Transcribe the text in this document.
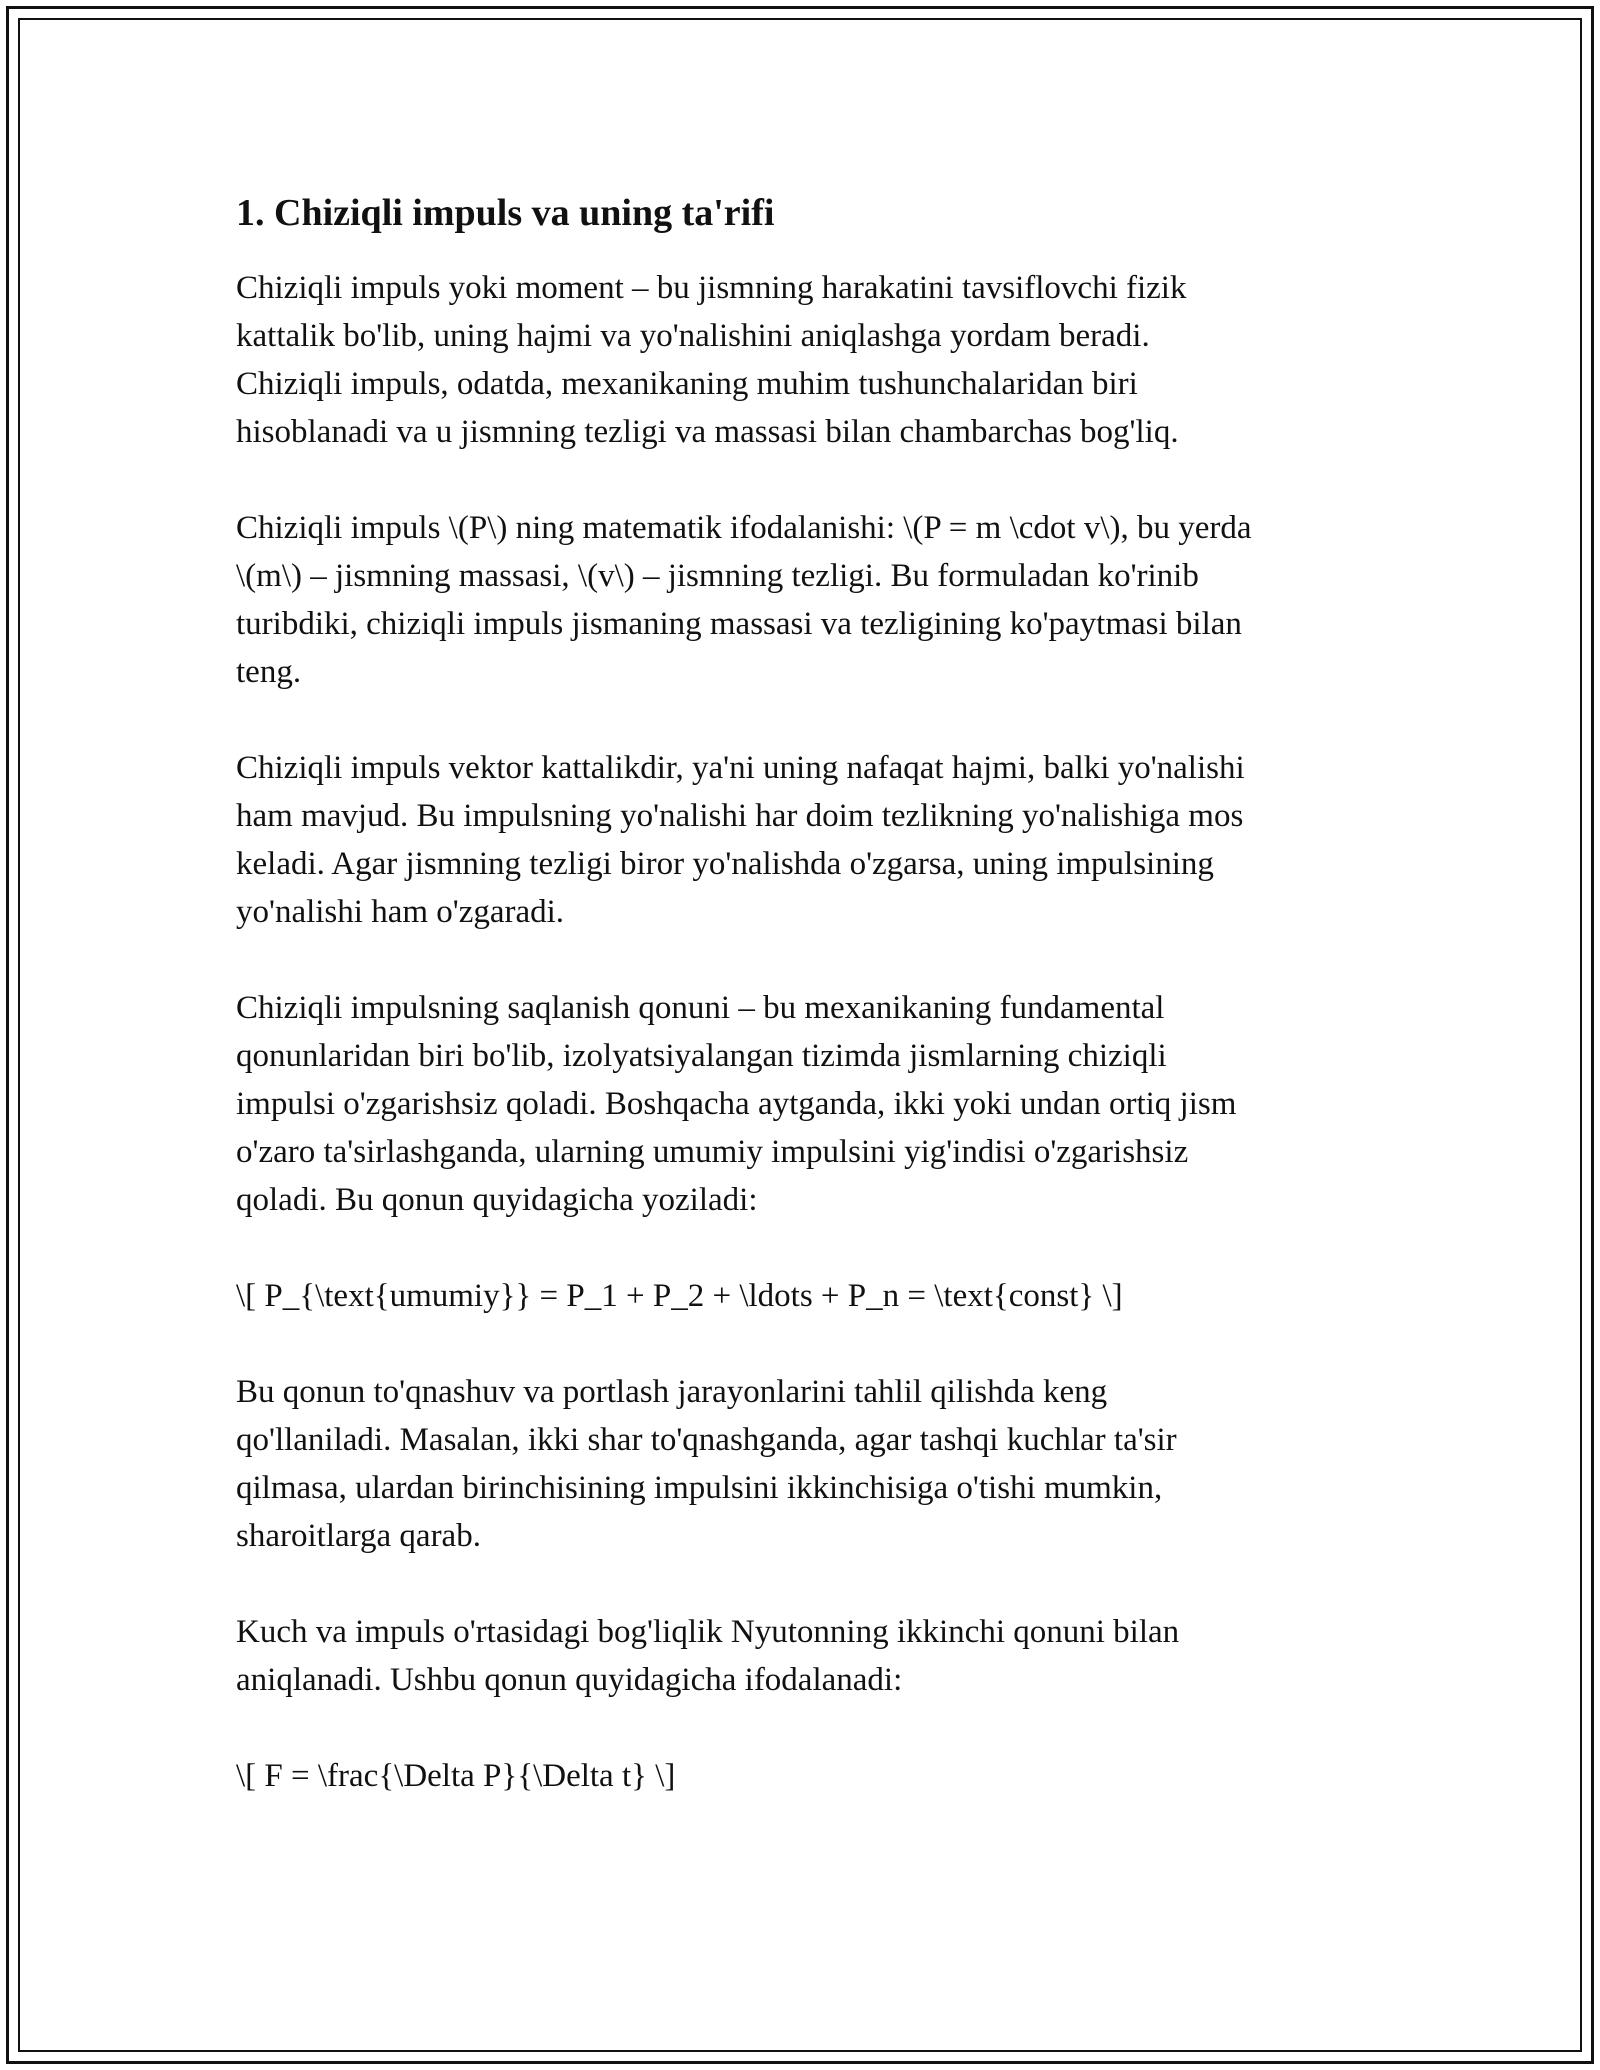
1. Chiziqli impuls va uning ta'rifi

Chiziqli impuls yoki moment – bu jismning harakatini tavsiflovchi fizik
kattalik bo'lib, uning hajmi va yo'nalishini aniqlashga yordam beradi.
Chiziqli impuls, odatda, mexanikaning muhim tushunchalaridan biri
hisoblanadi va u jismning tezligi va massasi bilan chambarchas bog'liq.

Chiziqli impuls \(P\) ning matematik ifodalanishi: \(P = m \cdot v\), bu yerda
\(m\) – jismning massasi, \(v\) – jismning tezligi. Bu formuladan ko'rinib
turibdiki, chiziqli impuls jismaning massasi va tezligining ko'paytmasi bilan
teng.

Chiziqli impuls vektor kattalikdir, ya'ni uning nafaqat hajmi, balki yo'nalishi
ham mavjud. Bu impulsning yo'nalishi har doim tezlikning yo'nalishiga mos
keladi. Agar jismning tezligi biror yo'nalishda o'zgarsa, uning impulsining
yo'nalishi ham o'zgaradi.

Chiziqli impulsning saqlanish qonuni – bu mexanikaning fundamental
qonunlaridan biri bo'lib, izolyatsiyalangan tizimda jismlarning chiziqli
impulsi o'zgarishsiz qoladi. Boshqacha aytganda, ikki yoki undan ortiq jism
o'zaro ta'sirlashganda, ularning umumiy impulsini yig'indisi o'zgarishsiz
qoladi. Bu qonun quyidagicha yoziladi:

\[ P_{\text{umumiy}} = P_1 + P_2 + \ldots + P_n = \text{const} \]

Bu qonun to'qnashuv va portlash jarayonlarini tahlil qilishda keng
qo'llaniladi. Masalan, ikki shar to'qnashganda, agar tashqi kuchlar ta'sir
qilmasa, ulardan birinchisining impulsini ikkinchisiga o'tishi mumkin,
sharoitlarga qarab.

Kuch va impuls o'rtasidagi bog'liqlik Nyutonning ikkinchi qonuni bilan
aniqlanadi. Ushbu qonun quyidagicha ifodalanadi:

\[ F = \frac{\Delta P}{\Delta t} \]
